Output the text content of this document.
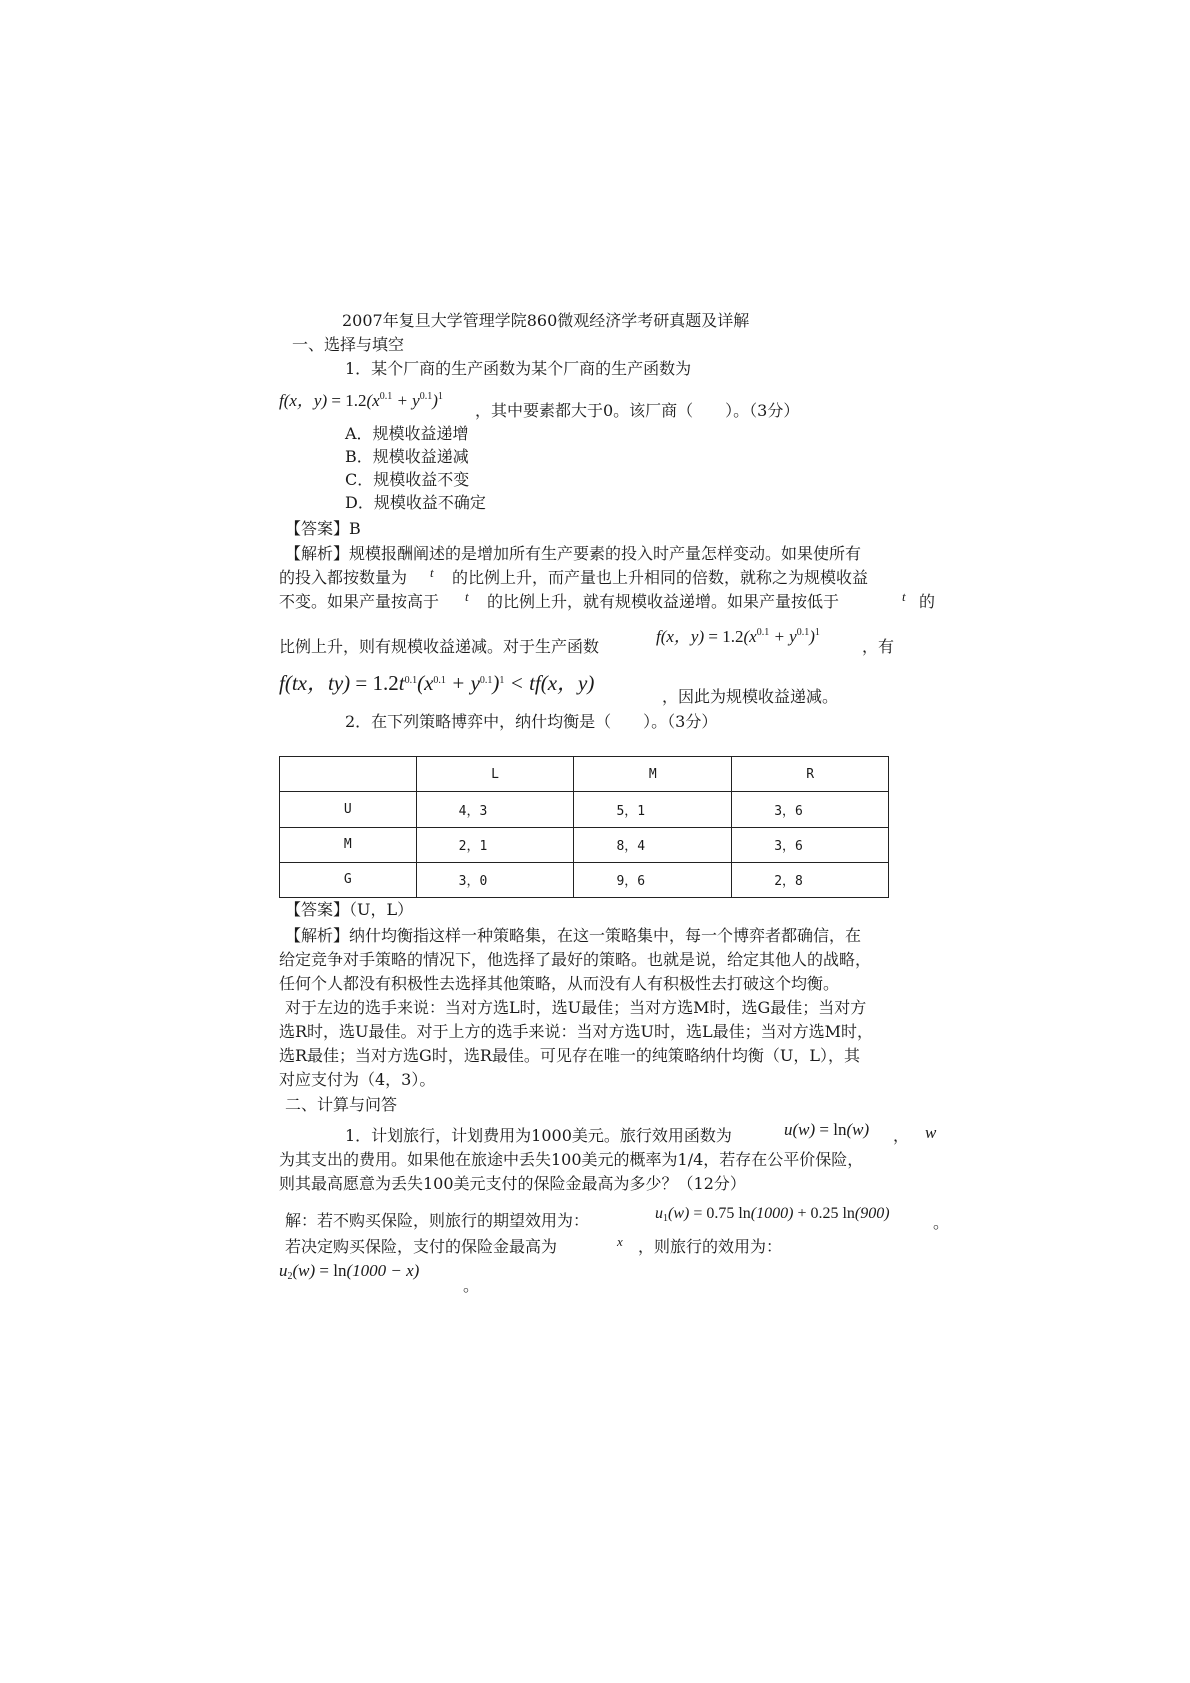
2007年复旦大学管理学院860微观经济学考研真题及详解
一、选择与填空
1．某个厂商的生产函数为某个厂商的生产函数为
f(x，$y) = 1.2(x^{0.1} + y^{0.1})^1$
，其中要素都大于0。该厂商（　　）。（3分）
A．规模收益递增
B．规模收益递减
C．规模收益不变
D．规模收益不确定
【答案】B
【解析】规模报酬阐述的是增加所有生产要素的投入时产量怎样变动。如果使所有
的投入都按数量为 t 的比例上升，而产量也上升相同的倍数，就称之为规模收益
不变。如果产量按高于 t 的比例上升，就有规模收益递增。如果产量按低于	t 的
比例上升，则有规模收益递减。对于生产函数
f(x，$y) = 1.2(x^{0.1} + y^{0.1})^1$
，有
f(tx，$ty) = 1.2t^{0.1}(x^{0.1} + y^{0.1})^1 < tf(x$，y)
，因此为规模收益递减。
2．在下列策略博弈中，纳什均衡是（　　）。（3分）
	L	M	R
U	4，3	5，1	3，6
M	2，1	8，4	3，6
G	3，0	9，6	2，8
【答案】（U，L）
【解析】纳什均衡指这样一种策略集，在这一策略集中，每一个博弈者都确信，在
给定竞争对手策略的情况下，他选择了最好的策略。也就是说，给定其他人的战略，
任何个人都没有积极性去选择其他策略，从而没有人有积极性去打破这个均衡。
对于左边的选手来说：当对方选L时，选U最佳；当对方选M时，选G最佳；当对方
选R时，选U最佳。对于上方的选手来说：当对方选U时，选L最佳；当对方选M时，
选R最佳；当对方选G时，选R最佳。可见存在唯一的纯策略纳什均衡（U，L），其
对应支付为（4，3）。
二、计算与问答
1．计划旅行，计划费用为1000美元。旅行效用函数为	u(w) = ln(w) ， w
为其支出的费用。如果他在旅途中丢失100美元的概率为1/4，若存在公平价保险，
则其最高愿意为丢失100美元支付的保险金最高为多少？（12分）
解：若不购买保险，则旅行的期望效用为：	$u_1(w) = 0.75$ ln(1000) + 0.25 ln(900)	。
若决定购买保险，支付的保险金最高为	x ，则旅行的效用为：
$u_2(w) = \ln(1000 - x)$
。
